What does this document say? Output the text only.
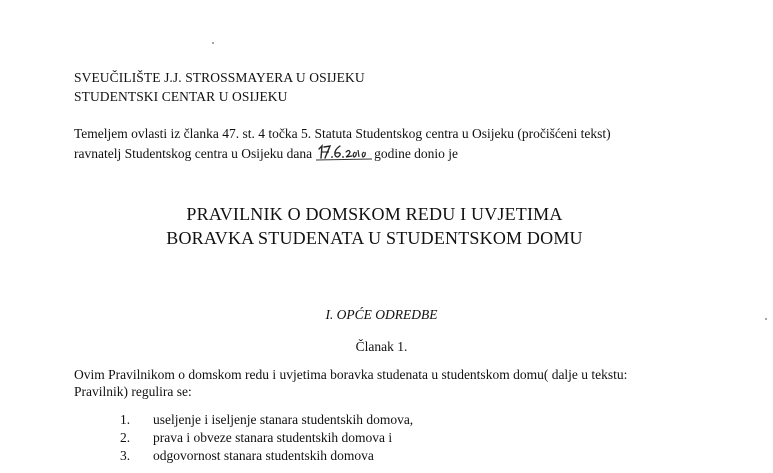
SVEUČILIŠTE J.J. STROSSMAYERA U OSIJEKU
STUDENTSKI CENTAR U OSIJEKU
Temeljem ovlasti iz članka 47. st. 4 točka 5. Statuta Studentskog centra u Osijeku (pročišćeni tekst)
ravnatelj Studentskog centra u Osijeku dana	godine donio je
PRAVILNIK O DOMSKOM REDU I UVJETIMA
BORAVKA STUDENATA U STUDENTSKOM DOMU
I. OPĆE ODREDBE
Članak 1.
Ovim Pravilnikom o domskom redu i uvjetima boravka studenata u studentskom domu( dalje u tekstu:
Pravilnik) regulira se:
1. useljenje i iseljenje stanara studentskih domova,
2. prava i obveze stanara studentskih domova i
3. odgovornost stanara studentskih domova
